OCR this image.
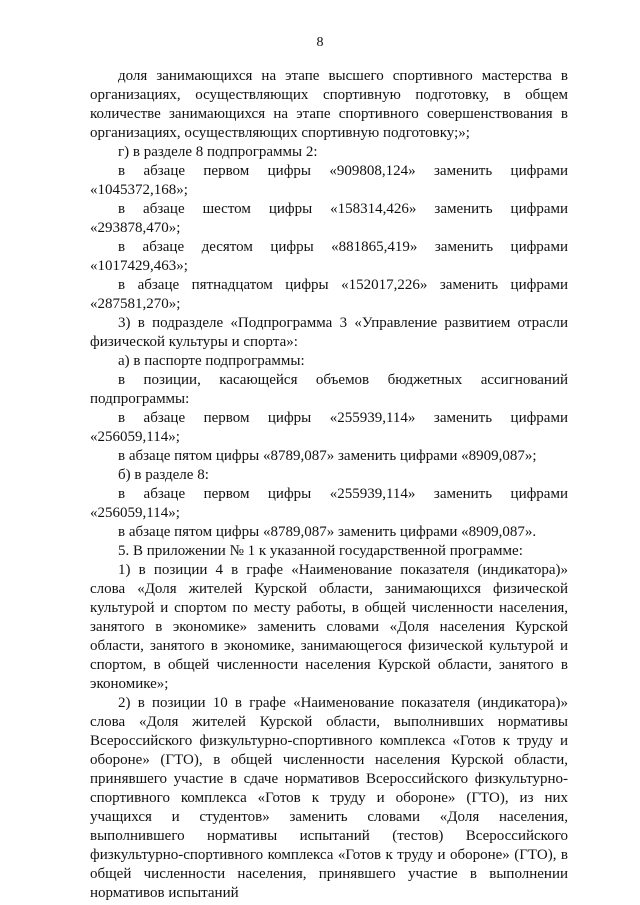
8

доля занимающихся на этапе высшего спортивного мастерства в организациях, осуществляющих спортивную подготовку, в общем количестве занимающихся на этапе спортивного совершенствования в организациях, осуществляющих спортивную подготовку;»;

г) в разделе 8 подпрограммы 2:

в абзаце первом цифры «909808,124» заменить цифрами «1045372,168»;

в абзаце шестом цифры «158314,426» заменить цифрами «293878,470»;

в абзаце десятом цифры «881865,419» заменить цифрами «1017429,463»;

в абзаце пятнадцатом цифры «152017,226» заменить цифрами «287581,270»;

3) в подразделе «Подпрограмма 3 «Управление развитием отрасли физической культуры и спорта»:

а) в паспорте подпрограммы:

в позиции, касающейся объемов бюджетных ассигнований подпрограммы:

в абзаце первом цифры «255939,114» заменить цифрами «256059,114»;

в абзаце пятом цифры «8789,087» заменить цифрами «8909,087»;

б) в разделе 8:

в абзаце первом цифры «255939,114» заменить цифрами «256059,114»;

в абзаце пятом цифры «8789,087» заменить цифрами «8909,087».

5. В приложении № 1 к указанной государственной программе:

1) в позиции 4 в графе «Наименование показателя (индикатора)» слова «Доля жителей Курской области, занимающихся физической культурой и спортом по месту работы, в общей численности населения, занятого в экономике» заменить словами «Доля населения Курской области, занятого в экономике, занимающегося физической культурой и спортом, в общей численности населения Курской области, занятого в экономике»;

2) в позиции 10 в графе «Наименование показателя (индикатора)» слова «Доля жителей Курской области, выполнивших нормативы Всероссийского физкультурно-спортивного комплекса «Готов к труду и обороне» (ГТО), в общей численности населения Курской области, принявшего участие в сдаче нормативов Всероссийского физкультурно-спортивного комплекса «Готов к труду и обороне» (ГТО), из них учащихся и студентов» заменить словами «Доля населения, выполнившего нормативы испытаний (тестов) Всероссийского физкультурно-спортивного комплекса «Готов к труду и обороне» (ГТО), в общей численности населения, принявшего участие в выполнении нормативов испытаний
